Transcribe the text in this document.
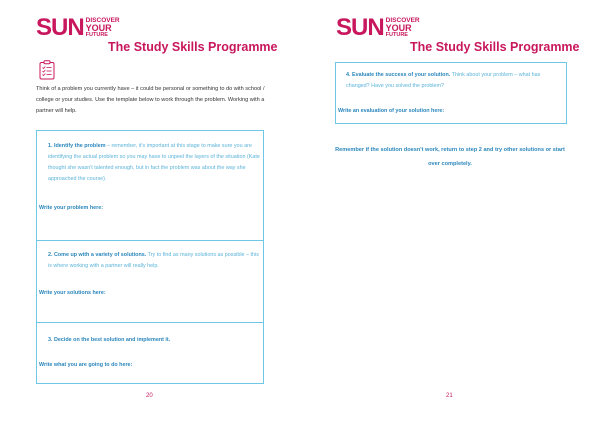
SUN DISCOVER
YOUR
FUTURE
The Study Skills Programme

Think of a problem you currently have – it could be personal or something to do with school / college or your studies. Use the template below to work through the problem. Working with a partner will help.

1. Identify the problem – remember, it's important at this stage to make sure you are identifying the actual problem so you may have to unpeel the layers of the situation (Kate thought she wasn't talented enough, but in fact the problem was about the way she approached the course).
Write your problem here:
2. Come up with a variety of solutions. Try to find as many solutions as possible – this is where working with a partner will really help.
Write your solutions here:
3. Decide on the best solution and implement it.
Write what you are going to do here:
20
SUN DISCOVER
YOUR
FUTURE
The Study Skills Programme
4. Evaluate the success of your solution. Think about your problem – what has changed? Have you solved the problem?
Write an evaluation of your solution here:

Remember if the solution doesn't work, return to step 2 and try other solutions or start over completely.

21
